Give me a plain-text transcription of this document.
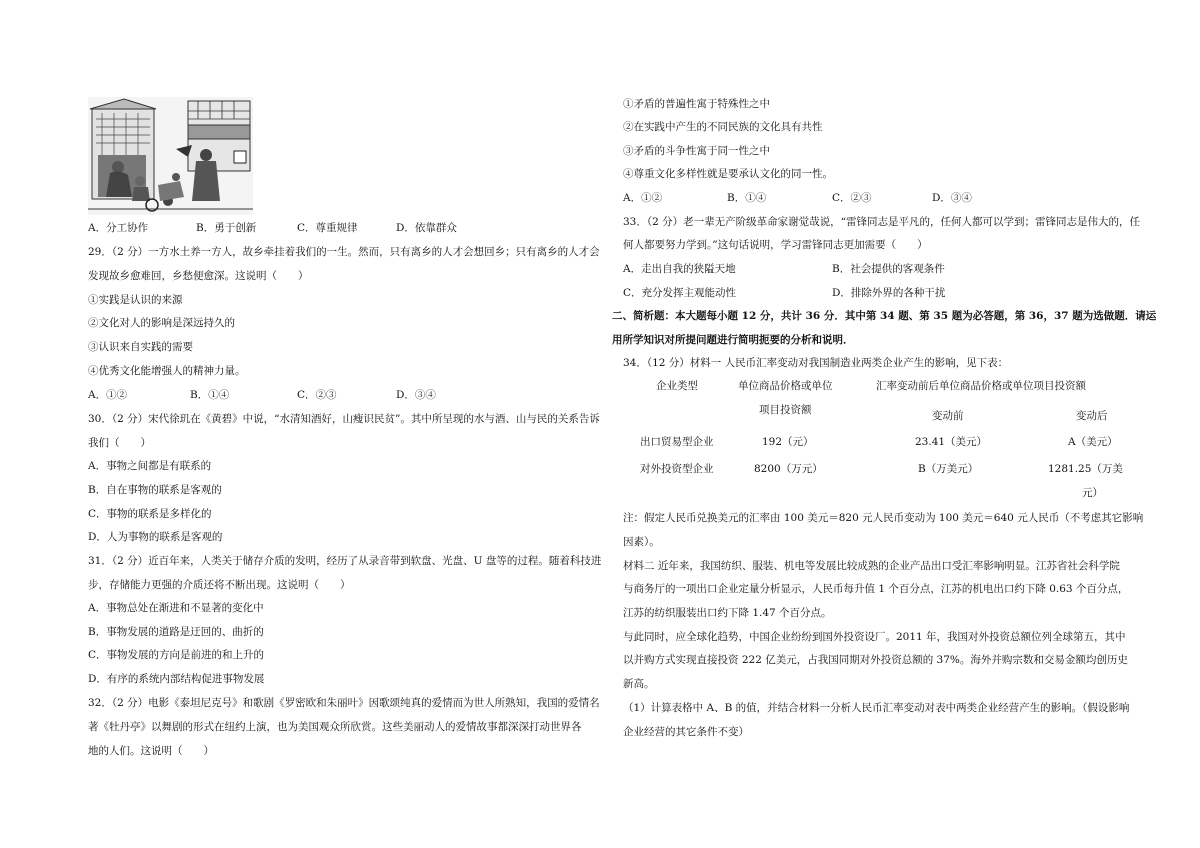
A．分工协作	B．勇于创新	C．尊重规律	D．依靠群众
29．（2 分）一方水土养一方人，故乡牵挂着我们的一生。然而，只有离乡的人才会想回乡；只有离乡的人才会
发现故乡愈难回，乡愁便愈深。这说明（　　）
①实践是认识的来源
②文化对人的影响是深远持久的
③认识来自实践的需要
④优秀文化能增强人的精神力量。
A．①②	B．①④	C．②③	D．③④
30．（2 分）宋代徐玑在《黄碧》中说，“水清知酒好，山瘦识民贫”。其中所呈现的水与酒、山与民的关系告诉
我们（　　）
A．事物之间都是有联系的
B．自在事物的联系是客观的
C．事物的联系是多样化的
D．人为事物的联系是客观的
31．（2 分）近百年来，人类关于储存介质的发明，经历了从录音带到软盘、光盘、U 盘等的过程。随着科技进
步，存储能力更强的介质还将不断出现。这说明（　　）
A．事物总处在渐进和不显著的变化中
B．事物发展的道路是迂回的、曲折的
C．事物发展的方向是前进的和上升的
D．有序的系统内部结构促进事物发展
32．（2 分）电影《泰坦尼克号》和歌剧《罗密欧和朱丽叶》因歌颂纯真的爱情而为世人所熟知，我国的爱情名
著《牡丹亭》以舞剧的形式在纽约上演，也为美国观众所欣赏。这些美丽动人的爱情故事都深深打动世界各
地的人们。这说明（　　）
①矛盾的普遍性寓于特殊性之中
②在实践中产生的不同民族的文化具有共性
③矛盾的斗争性寓于同一性之中
④尊重文化多样性就是要承认文化的同一性。
A．①②	B．①④	C．②③	D．③④
33．（2 分）老一辈无产阶级革命家谢觉哉说，“雷锋同志是平凡的，任何人都可以学到；雷锋同志是伟大的，任
何人都要努力学到。”这句话说明，学习雷锋同志更加需要（　　）
A．走出自我的狭隘天地	B．社会提供的客观条件
C．充分发挥主观能动性	D．排除外界的各种干扰
二、简析题：本大题每小题 12 分，共计 36 分．其中第 34 题、第 35 题为必答题，第 36，37 题为选做题．请运
用所学知识对所提问题进行简明扼要的分析和说明．
34．（12 分）材料一 人民币汇率变动对我国制造业两类企业产生的影响，见下表：
企业类型	单位商品价格或单位
项目投资额
汇率变动前后单位商品价格或单位项目投资额
变动前	变动后
出口贸易型企业	192（元）	23.41（美元）	A（美元）
对外投资型企业	8200（万元）	B（万美元）	1281.25（万美
元）
注：假定人民币兑换美元的汇率由 100 美元＝820 元人民币变动为 100 美元＝640 元人民币（不考虑其它影响
因素）。
材料二 近年来，我国纺织、服装、机电等发展比较成熟的企业产品出口受汇率影响明显。江苏省社会科学院
与商务厅的一项出口企业定量分析显示，人民币每升值 1 个百分点，江苏的机电出口约下降 0.63 个百分点，
江苏的纺织服装出口约下降 1.47 个百分点。
与此同时，应全球化趋势，中国企业纷纷到国外投资设厂。2011 年，我国对外投资总额位列全球第五，其中
以并购方式实现直接投资 222 亿美元，占我国同期对外投资总额的 37%。海外并购宗数和交易金额均创历史
新高。
（1）计算表格中 A、B 的值，并结合材料一分析人民币汇率变动对表中两类企业经营产生的影响。（假设影响
企业经营的其它条件不变）
